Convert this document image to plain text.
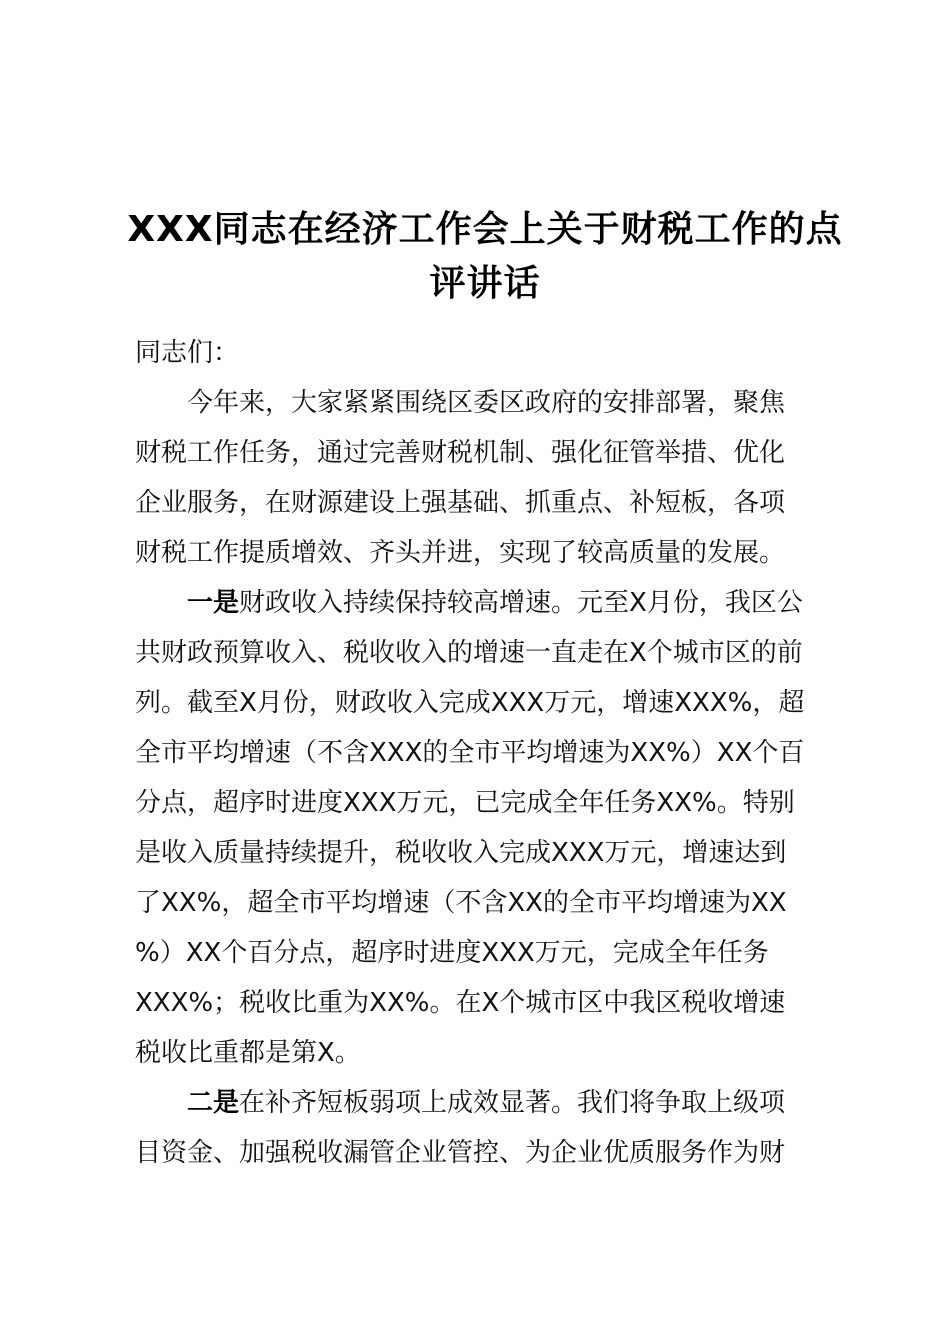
XXX同志在经济工作会上关于财税工作的点
评讲话

同志们：

今年来，大家紧紧围绕区委区政府的安排部署，聚焦
财税工作任务，通过完善财税机制、强化征管举措、优化
企业服务，在财源建设上强基础、抓重点、补短板，各项
财税工作提质增效、齐头并进，实现了较高质量的发展。
一是财政收入持续保持较高增速。元至X月份，我区公
共财政预算收入、税收收入的增速一直走在X个城市区的前
列。截至X月份，财政收入完成XXX万元，增速XXX%，超
全市平均增速（不含XXX的全市平均增速为XX%）XX个百
分点，超序时进度XXX万元，已完成全年任务XX%。特别
是收入质量持续提升，税收收入完成XXX万元，增速达到
了XX%，超全市平均增速（不含XX的全市平均增速为XX
%）XX个百分点，超序时进度XXX万元，完成全年任务
XXX%；税收比重为XX%。在X个城市区中我区税收增速
税收比重都是第X。
二是在补齐短板弱项上成效显著。我们将争取上级项
目资金、加强税收漏管企业管控、为企业优质服务作为财
